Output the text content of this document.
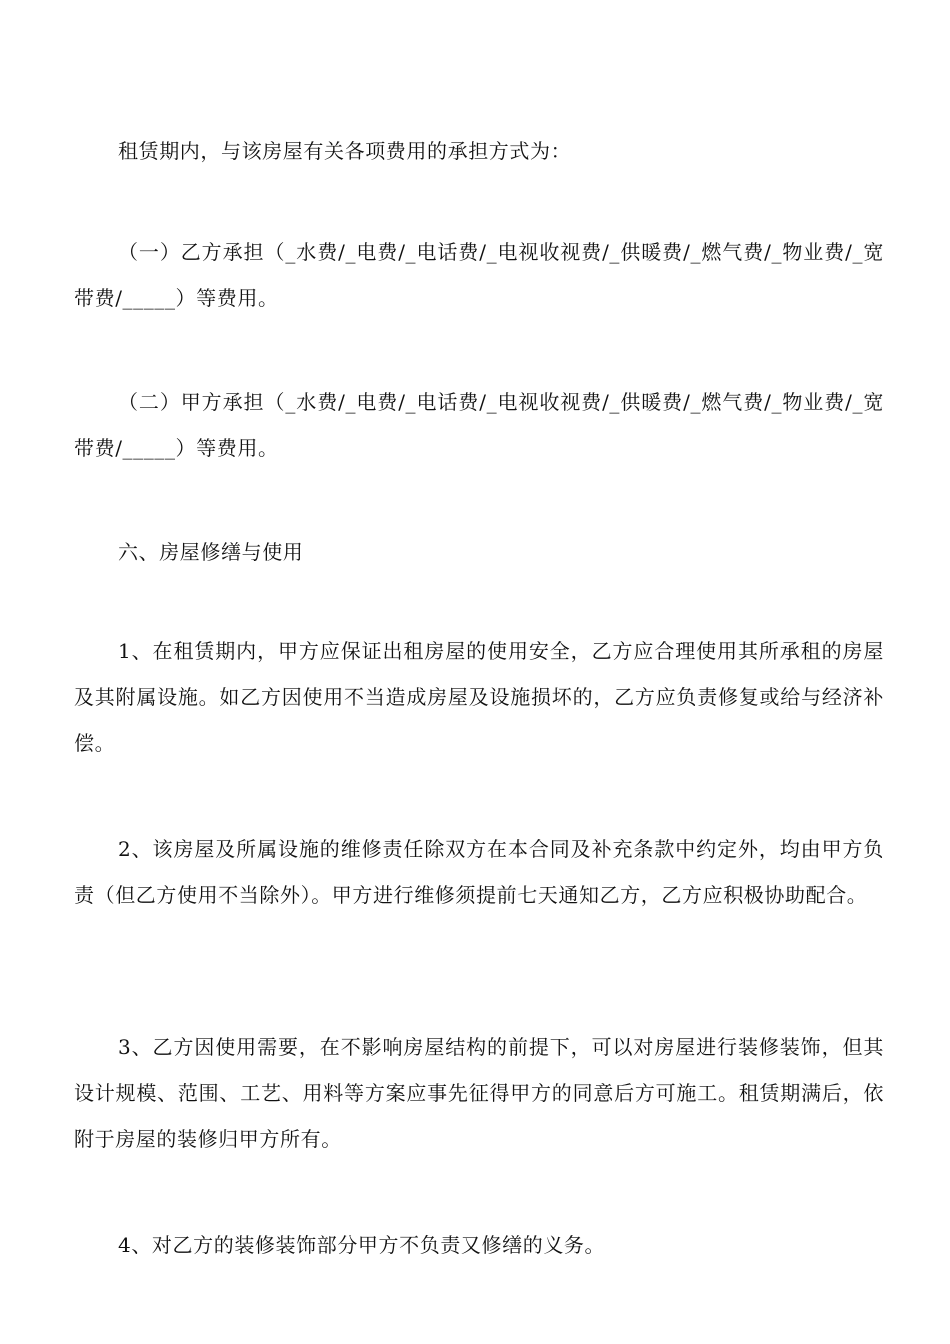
租赁期内，与该房屋有关各项费用的承担方式为：

（一）乙方承担（_水费/_电费/_电话费/_电视收视费/_供暖费/_燃气费/_物业费/_宽带费/_____）等费用。

（二）甲方承担（_水费/_电费/_电话费/_电视收视费/_供暖费/_燃气费/_物业费/_宽带费/_____）等费用。

六、房屋修缮与使用

1、在租赁期内，甲方应保证出租房屋的使用安全，乙方应合理使用其所承租的房屋及其附属设施。如乙方因使用不当造成房屋及设施损坏的，乙方应负责修复或给与经济补偿。

2、该房屋及所属设施的维修责任除双方在本合同及补充条款中约定外，均由甲方负责（但乙方使用不当除外）。甲方进行维修须提前七天通知乙方，乙方应积极协助配合。

3、乙方因使用需要，在不影响房屋结构的前提下，可以对房屋进行装修装饰，但其设计规模、范围、工艺、用料等方案应事先征得甲方的同意后方可施工。租赁期满后，依附于房屋的装修归甲方所有。

4、对乙方的装修装饰部分甲方不负责又修缮的义务。
